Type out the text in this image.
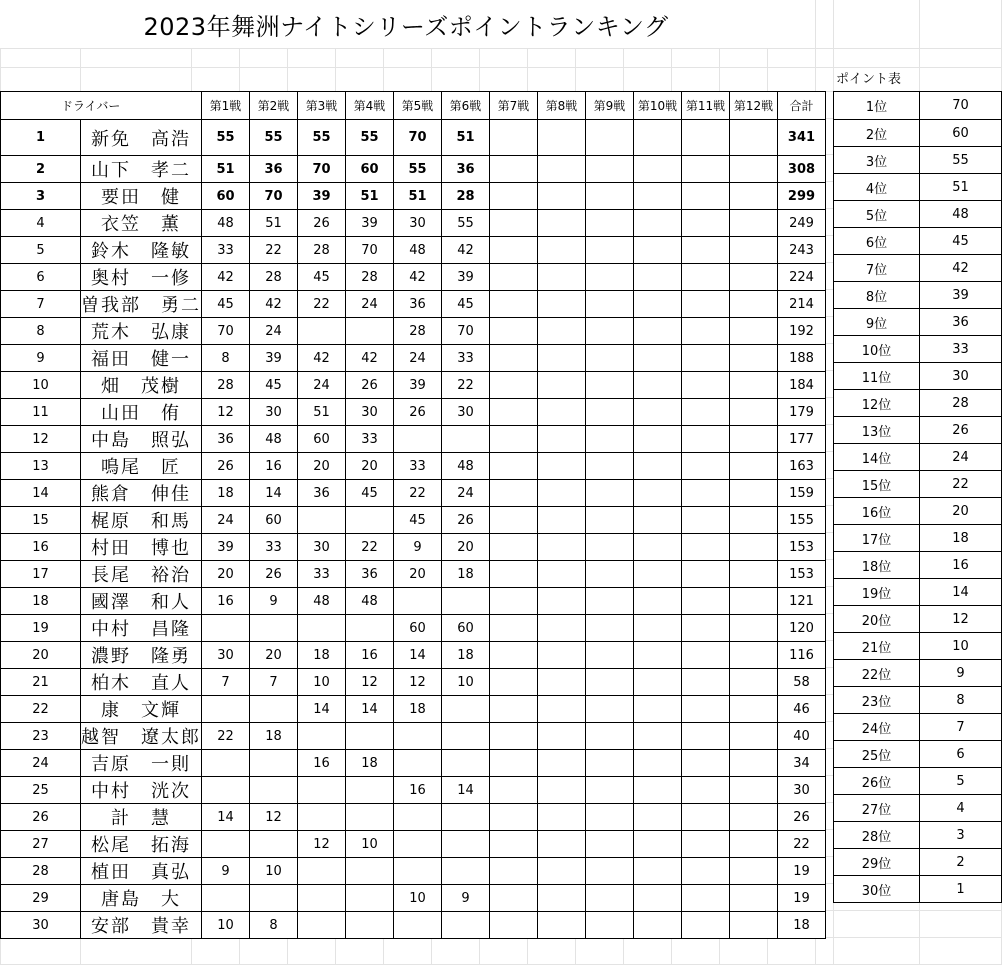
2023年舞洲ナイトシリーズポイントランキング
ドライバー		第1戦	第2戦	第3戦	第4戦	第5戦	第6戦	第7戦	第8戦	第9戦	第10戦	第11戦	第12戦	合計
1	新免　高浩	55	55	55	55	70	51							341
2	山下　孝二	51	36	70	60	55	36							308
3	要田　健	60	70	39	51	51	28							299
4	衣笠　薫	48	51	26	39	30	55							249
5	鈴木　隆敏	33	22	28	70	48	42							243
6	奥村　一修	42	28	45	28	42	39							224
7	曽我部　勇二	45	42	22	24	36	45							214
8	荒木　弘康	70	24			28	70							192
9	福田　健一	8	39	42	42	24	33							188
10	畑　茂樹	28	45	24	26	39	22							184
11	山田　侑	12	30	51	30	26	30							179
12	中島　照弘	36	48	60	33									177
13	鳴尾　匠	26	16	20	20	33	48							163
14	熊倉　伸佳	18	14	36	45	22	24							159
15	梶原　和馬	24	60			45	26							155
16	村田　博也	39	33	30	22	9	20							153
17	長尾　裕治	20	26	33	36	20	18							153
18	國澤　和人	16	9	48	48									121
19	中村　昌隆					60	60							120
20	濃野　隆勇	30	20	18	16	14	18							116
21	柏木　直人	7	7	10	12	12	10							58
22	康　文輝			14	14	18								46
23	越智　遼太郎	22	18											40
24	吉原　一則			16	18									34
25	中村　洸次					16	14							30
26	計　慧	14	12											26
27	松尾　拓海			12	10									22
28	植田　真弘	9	10											19
29	唐島　大					10	9							19
30	安部　貴幸	10	8											18
ポイント表
1位	70
2位	60
3位	55
4位	51
5位	48
6位	45
7位	42
8位	39
9位	36
10位	33
11位	30
12位	28
13位	26
14位	24
15位	22
16位	20
17位	18
18位	16
19位	14
20位	12
21位	10
22位	9
23位	8
24位	7
25位	6
26位	5
27位	4
28位	3
29位	2
30位	1
